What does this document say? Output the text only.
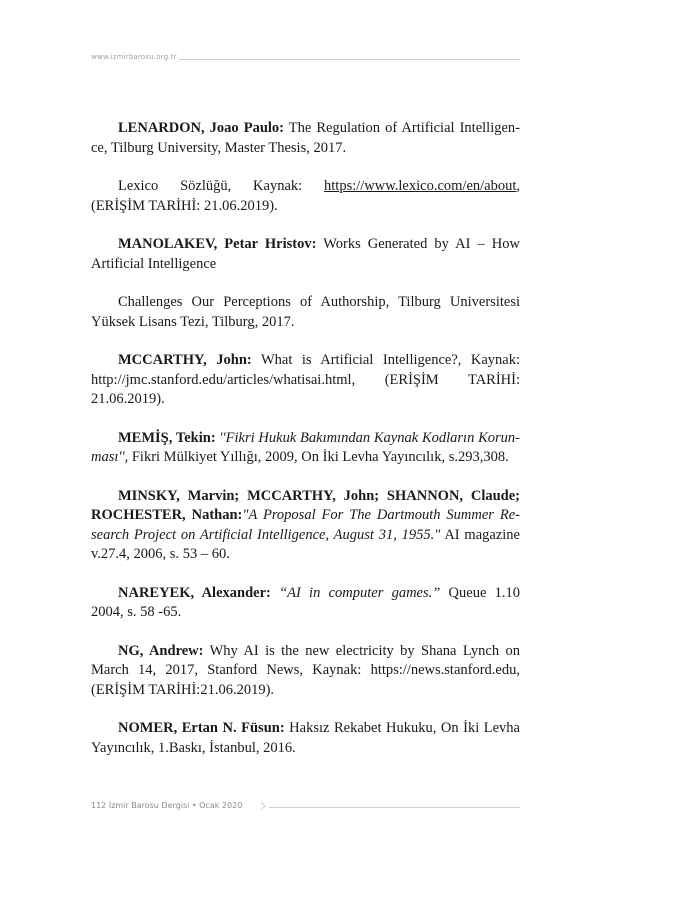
www.izmirbarosu.org.tr

LENARDON, Joao Paulo: The Regulation of Artificial Intelligen-ce, Tilburg University, Master Thesis, 2017.

Lexico Sözlüğü, Kaynak: https://www.lexico.com/en/about, (ERİŞİM TARİHİ: 21.06.2019).

MANOLAKEV, Petar Hristov: Works Generated by AI – How Artificial Intelligence

Challenges Our Perceptions of Authorship, Tilburg Universitesi Yüksek Lisans Tezi, Tilburg, 2017.

MCCARTHY, John: What is Artificial Intelligence?, Kaynak: http://jmc.stanford.edu/articles/whatisai.html, (ERİŞİM TARİHİ: 21.06.2019).

MEMİŞ, Tekin: ''Fikri Hukuk Bakımından Kaynak Kodların Korun-ması'', Fikri Mülkiyet Yıllığı, 2009, On İki Levha Yayıncılık, s.293,308.

MINSKY, Marvin; MCCARTHY, John; SHANNON, Claude; ROCHESTER, Nathan:"A Proposal For The Dartmouth Summer Re-search Project on Artificial Intelligence, August 31, 1955." AI magazine v.27.4, 2006, s. 53 – 60.

NAREYEK, Alexander: “AI in computer games.” Queue 1.10 2004, s. 58 -65.

NG, Andrew: Why AI is the new electricity by Shana Lynch on March 14, 2017, Stanford News, Kaynak: https://news.stanford.edu, (ERİŞİM TARİHİ:21.06.2019).

NOMER, Ertan N. Füsun: Haksız Rekabet Hukuku, On İki Levha Yayıncılık, 1.Baskı, İstanbul, 2016.

112 İzmir Barosu Dergisi • Ocak 2020
